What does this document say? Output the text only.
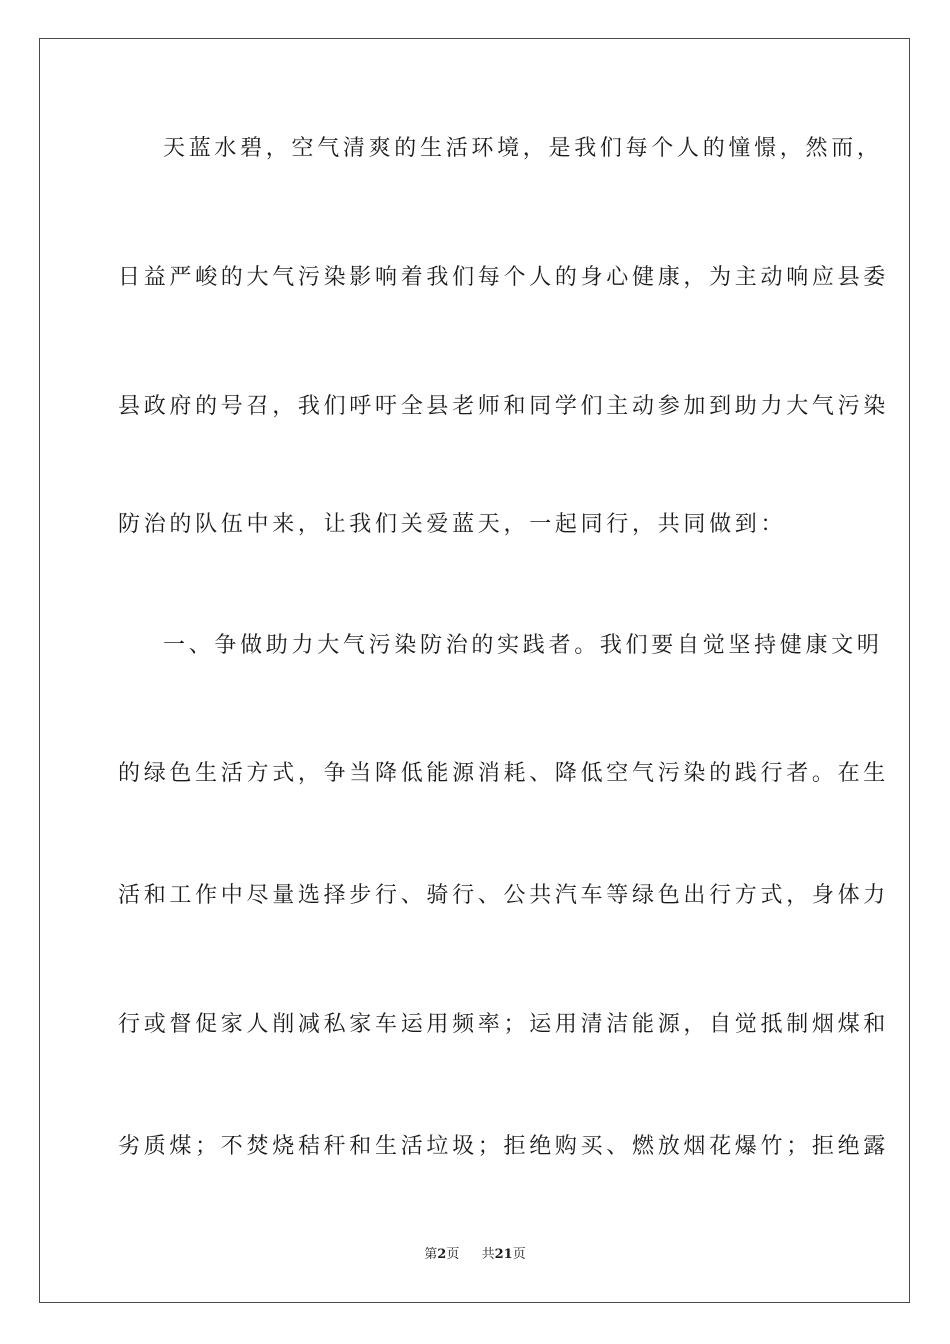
天蓝水碧，空气清爽的生活环境，是我们每个人的憧憬，然而，
日益严峻的大气污染影响着我们每个人的身心健康，为主动响应县委
县政府的号召，我们呼吁全县老师和同学们主动参加到助力大气污染
防治的队伍中来，让我们关爱蓝天，一起同行，共同做到：
一、争做助力大气污染防治的实践者。我们要自觉坚持健康文明
的绿色生活方式，争当降低能源消耗、降低空气污染的践行者。在生
活和工作中尽量选择步行、骑行、公共汽车等绿色出行方式，身体力
行或督促家人削减私家车运用频率；运用清洁能源，自觉抵制烟煤和
劣质煤；不焚烧秸秆和生活垃圾；拒绝购买、燃放烟花爆竹；拒绝露
第2页 共21页
